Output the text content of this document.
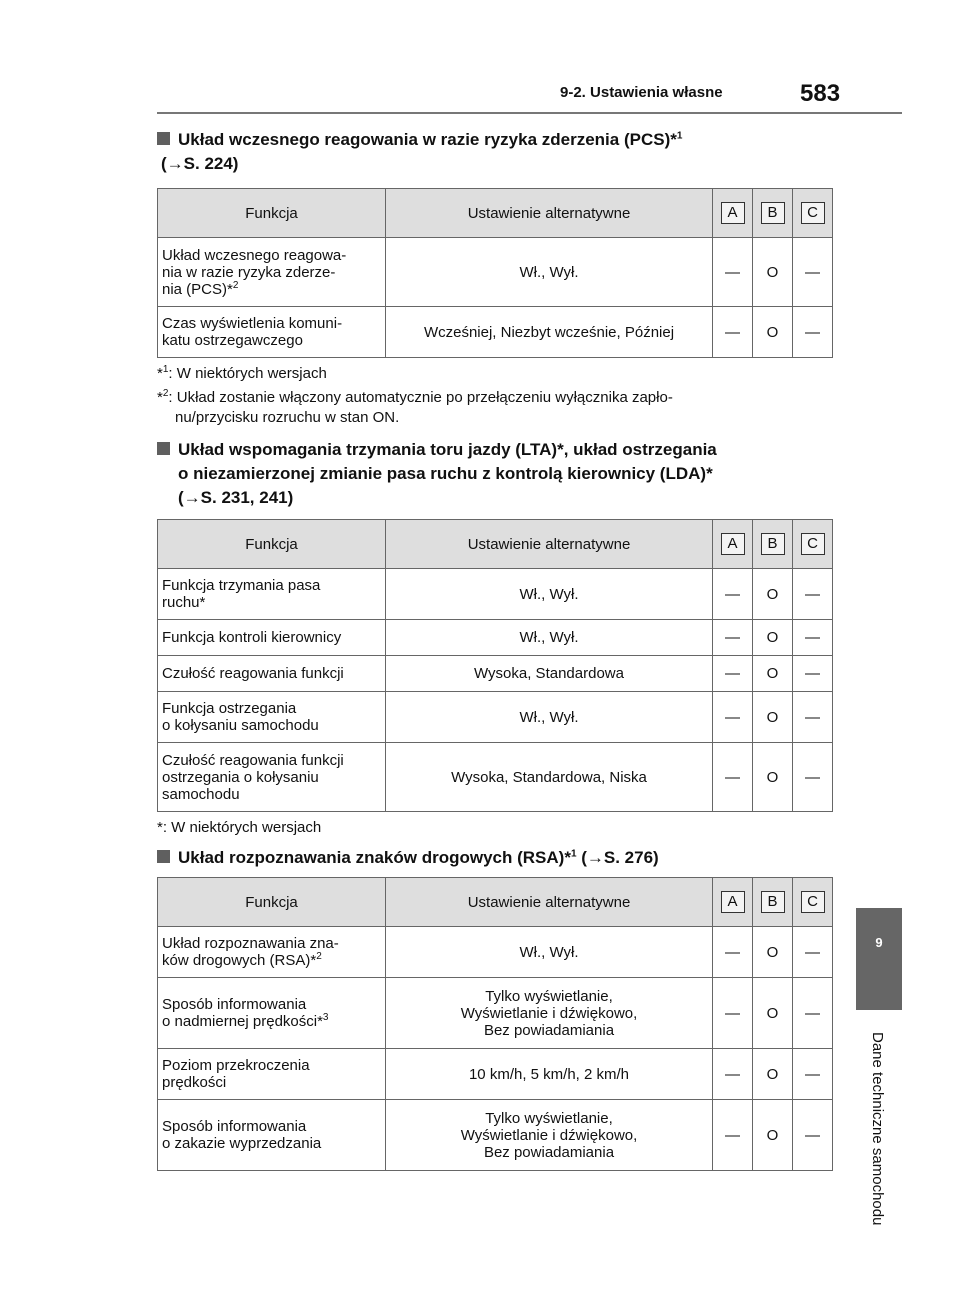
9-2. Ustawienia własne	583
Układ wczesnego reagowania w razie ryzyka zderzenia (PCS)*$^1$
(→S. 224)
Funkcja	Ustawienie alternatywne	A	B	C
Układ wczesnego reagowa-
nia w razie ryzyka zderze-
nia (PCS)*$^2$	Wł., Wył.	—	O	—
Czas wyświetlenia komuni-
katu ostrzegawczego	Wcześniej, Niezbyt wcześnie, Później	—	O	—
*$^1$: W niektórych wersjach
*$^2$: Układ zostanie włączony automatycznie po przełączeniu wyłącznika zapło-
nu/przycisku rozruchu w stan ON.
Układ wspomagania trzymania toru jazdy (LTA)*, układ ostrzegania
o niezamierzonej zmianie pasa ruchu z kontrolą kierownicy (LDA)*
(→S. 231, 241)
Funkcja	Ustawienie alternatywne	A	B	C
Funkcja trzymania pasa
ruchu*	Wł., Wył.	—	O	—
Funkcja kontroli kierownicy	Wł., Wył.	—	O	—
Czułość reagowania funkcji	Wysoka, Standardowa	—	O	—
Funkcja ostrzegania
o kołysaniu samochodu	Wł., Wył.	—	O	—
Czułość reagowania funkcji
ostrzegania o kołysaniu
samochodu	Wysoka, Standardowa, Niska	—	O	—
*: W niektórych wersjach
Układ rozpoznawania znaków drogowych (RSA)*$^1$ (→S. 276)
Funkcja	Ustawienie alternatywne	A	B	C
Układ rozpoznawania zna-
ków drogowych (RSA)*$^2$	Wł., Wył.	—	O	—
Sposób informowania
o nadmiernej prędkości*$^3$	Tylko wyświetlanie,
Wyświetlanie i dźwiękowo,
Bez powiadamiania	—	O	—
Poziom przekroczenia
prędkości	10 km/h, 5 km/h, 2 km/h	—	O	—
Sposób informowania
o zakazie wyprzedzania	Tylko wyświetlanie,
Wyświetlanie i dźwiękowo,
Bez powiadamiania	—	O	—
9
Dane techniczne samochodu
